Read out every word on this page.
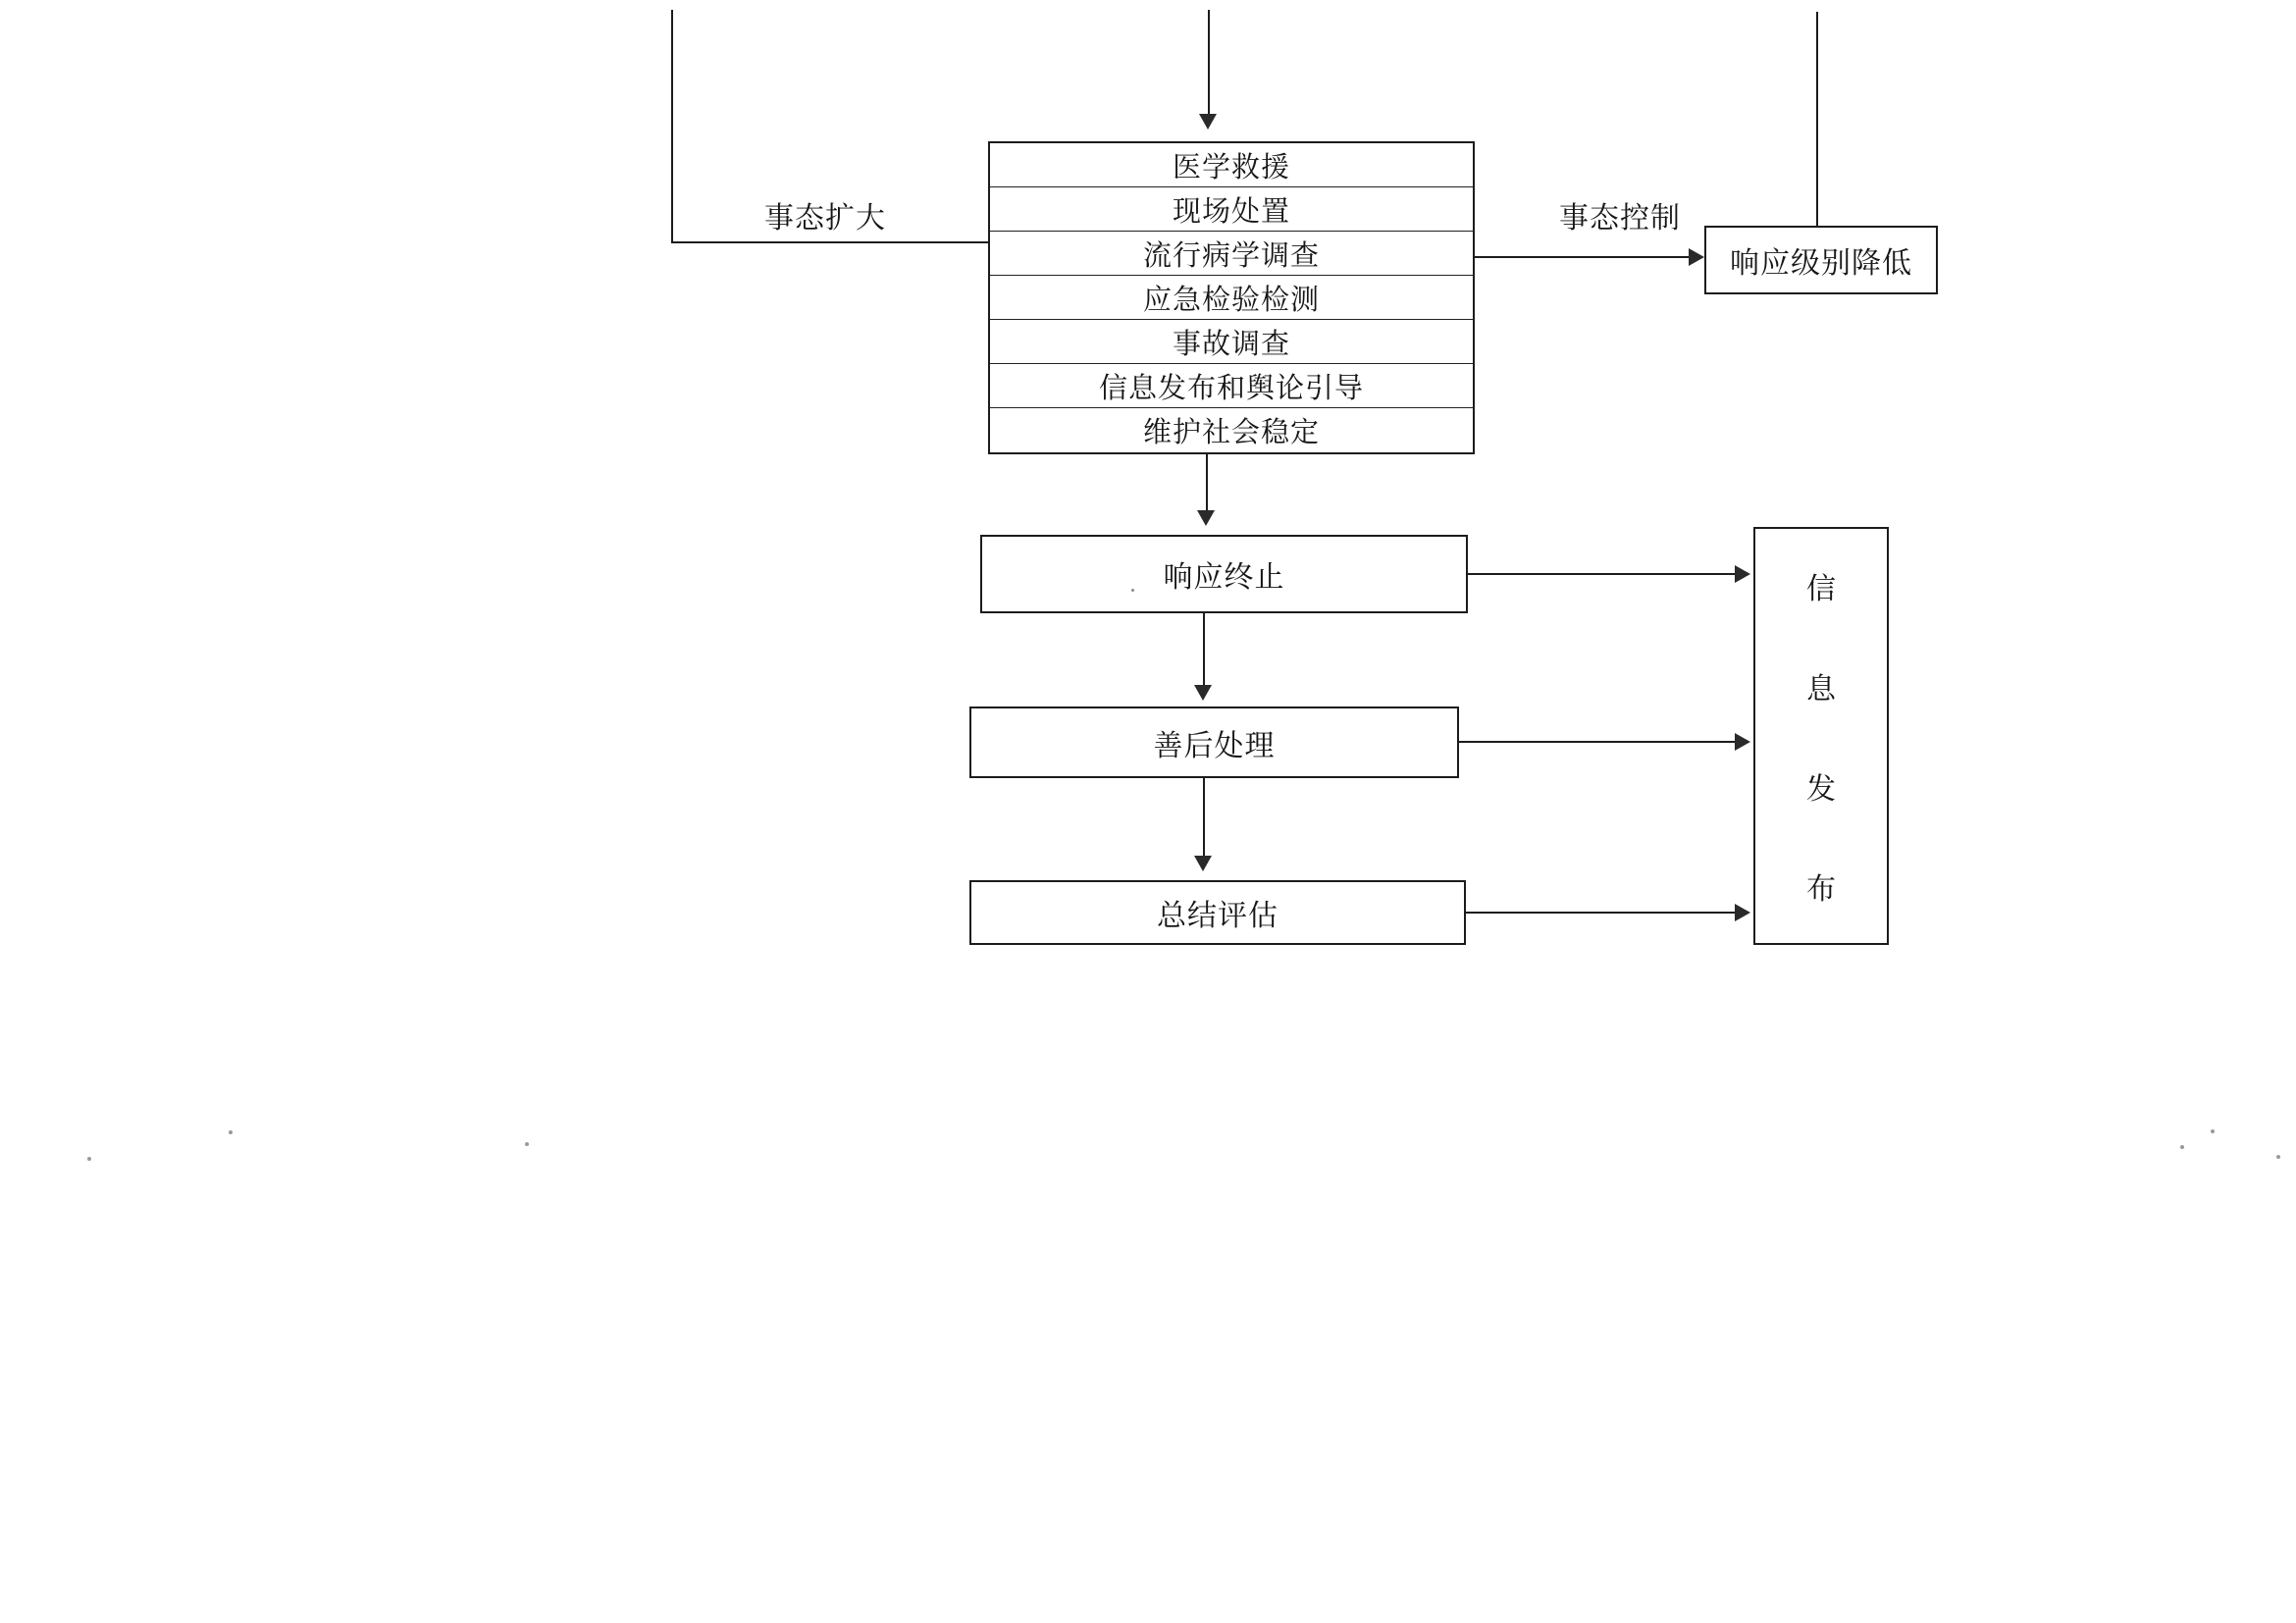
事态扩大	事态控制
医学救援
现场处置
流行病学调查
应急检验检测
事故调查
信息发布和舆论引导
维护社会稳定
响应级别降低
响应终止
善后处理
总结评估
信
息
发
布
